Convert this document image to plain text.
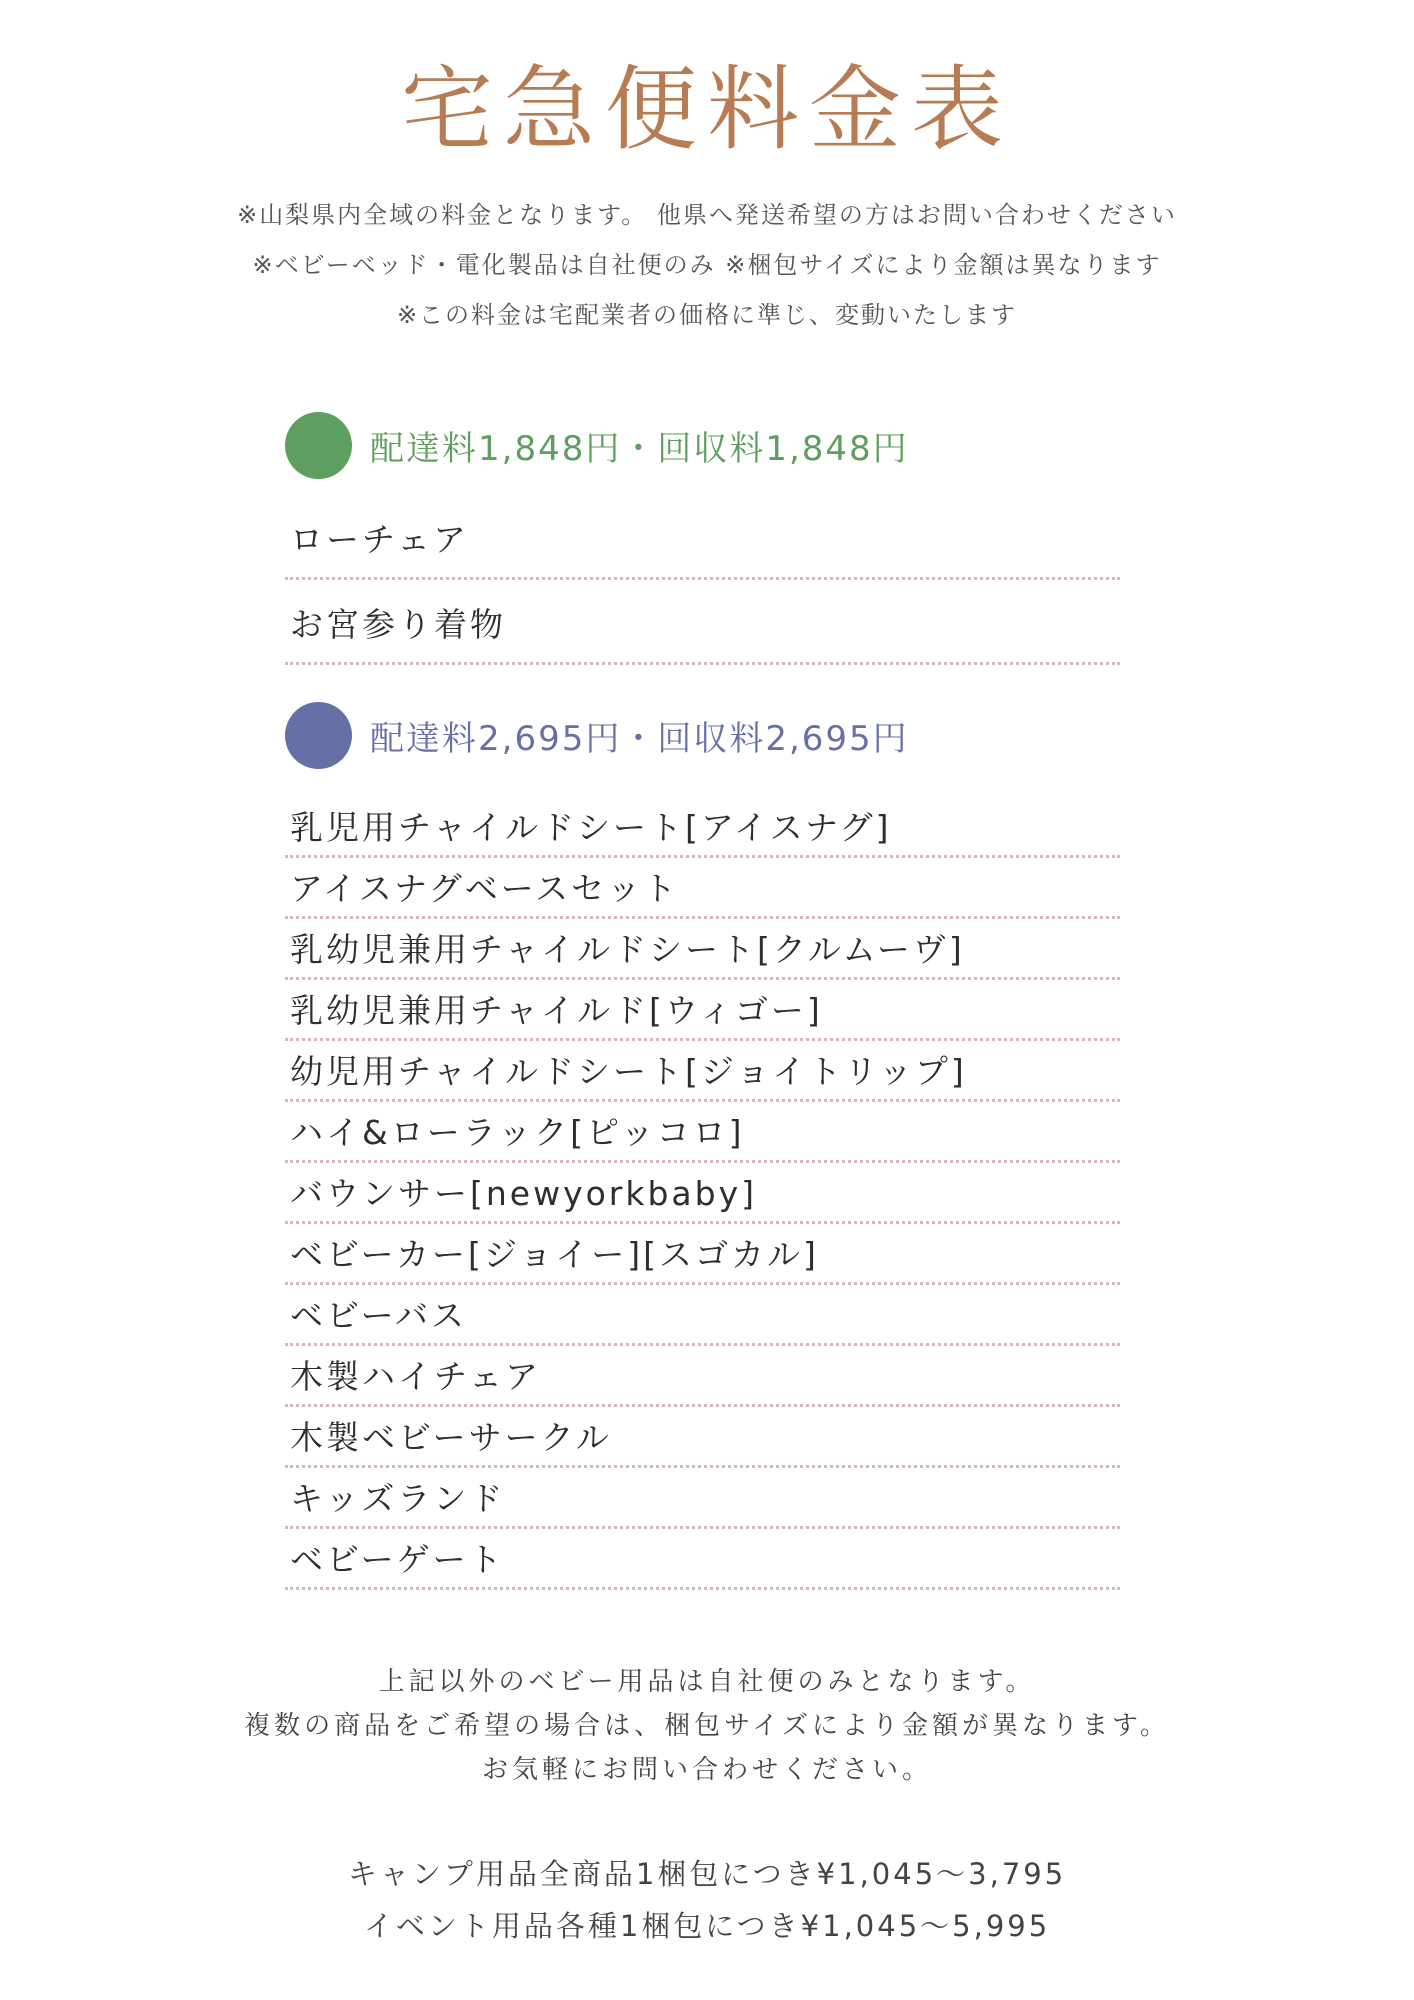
宅急便料金表
※山梨県内全域の料金となります。 他県へ発送希望の方はお問い合わせください
※ベビーベッド・電化製品は自社便のみ ※梱包サイズにより金額は異なります
※この料金は宅配業者の価格に準じ、変動いたします
配達料1,848円・回収料1,848円
ローチェア
お宮参り着物
配達料2,695円・回収料2,695円
乳児用チャイルドシート[アイスナグ]
アイスナグベースセット
乳幼児兼用チャイルドシート[クルムーヴ]
乳幼児兼用チャイルド[ウィゴー]
幼児用チャイルドシート[ジョイトリップ]
ハイ&ローラック[ピッコロ]
バウンサー[newyorkbaby]
ベビーカー[ジョイー][スゴカル]
ベビーバス
木製ハイチェア
木製ベビーサークル
キッズランド
ベビーゲート
上記以外のベビー用品は自社便のみとなります。
複数の商品をご希望の場合は、梱包サイズにより金額が異なります。
お気軽にお問い合わせください。
キャンプ用品全商品1梱包につき¥1,045〜3,795
イベント用品各種1梱包につき¥1,045〜5,995
